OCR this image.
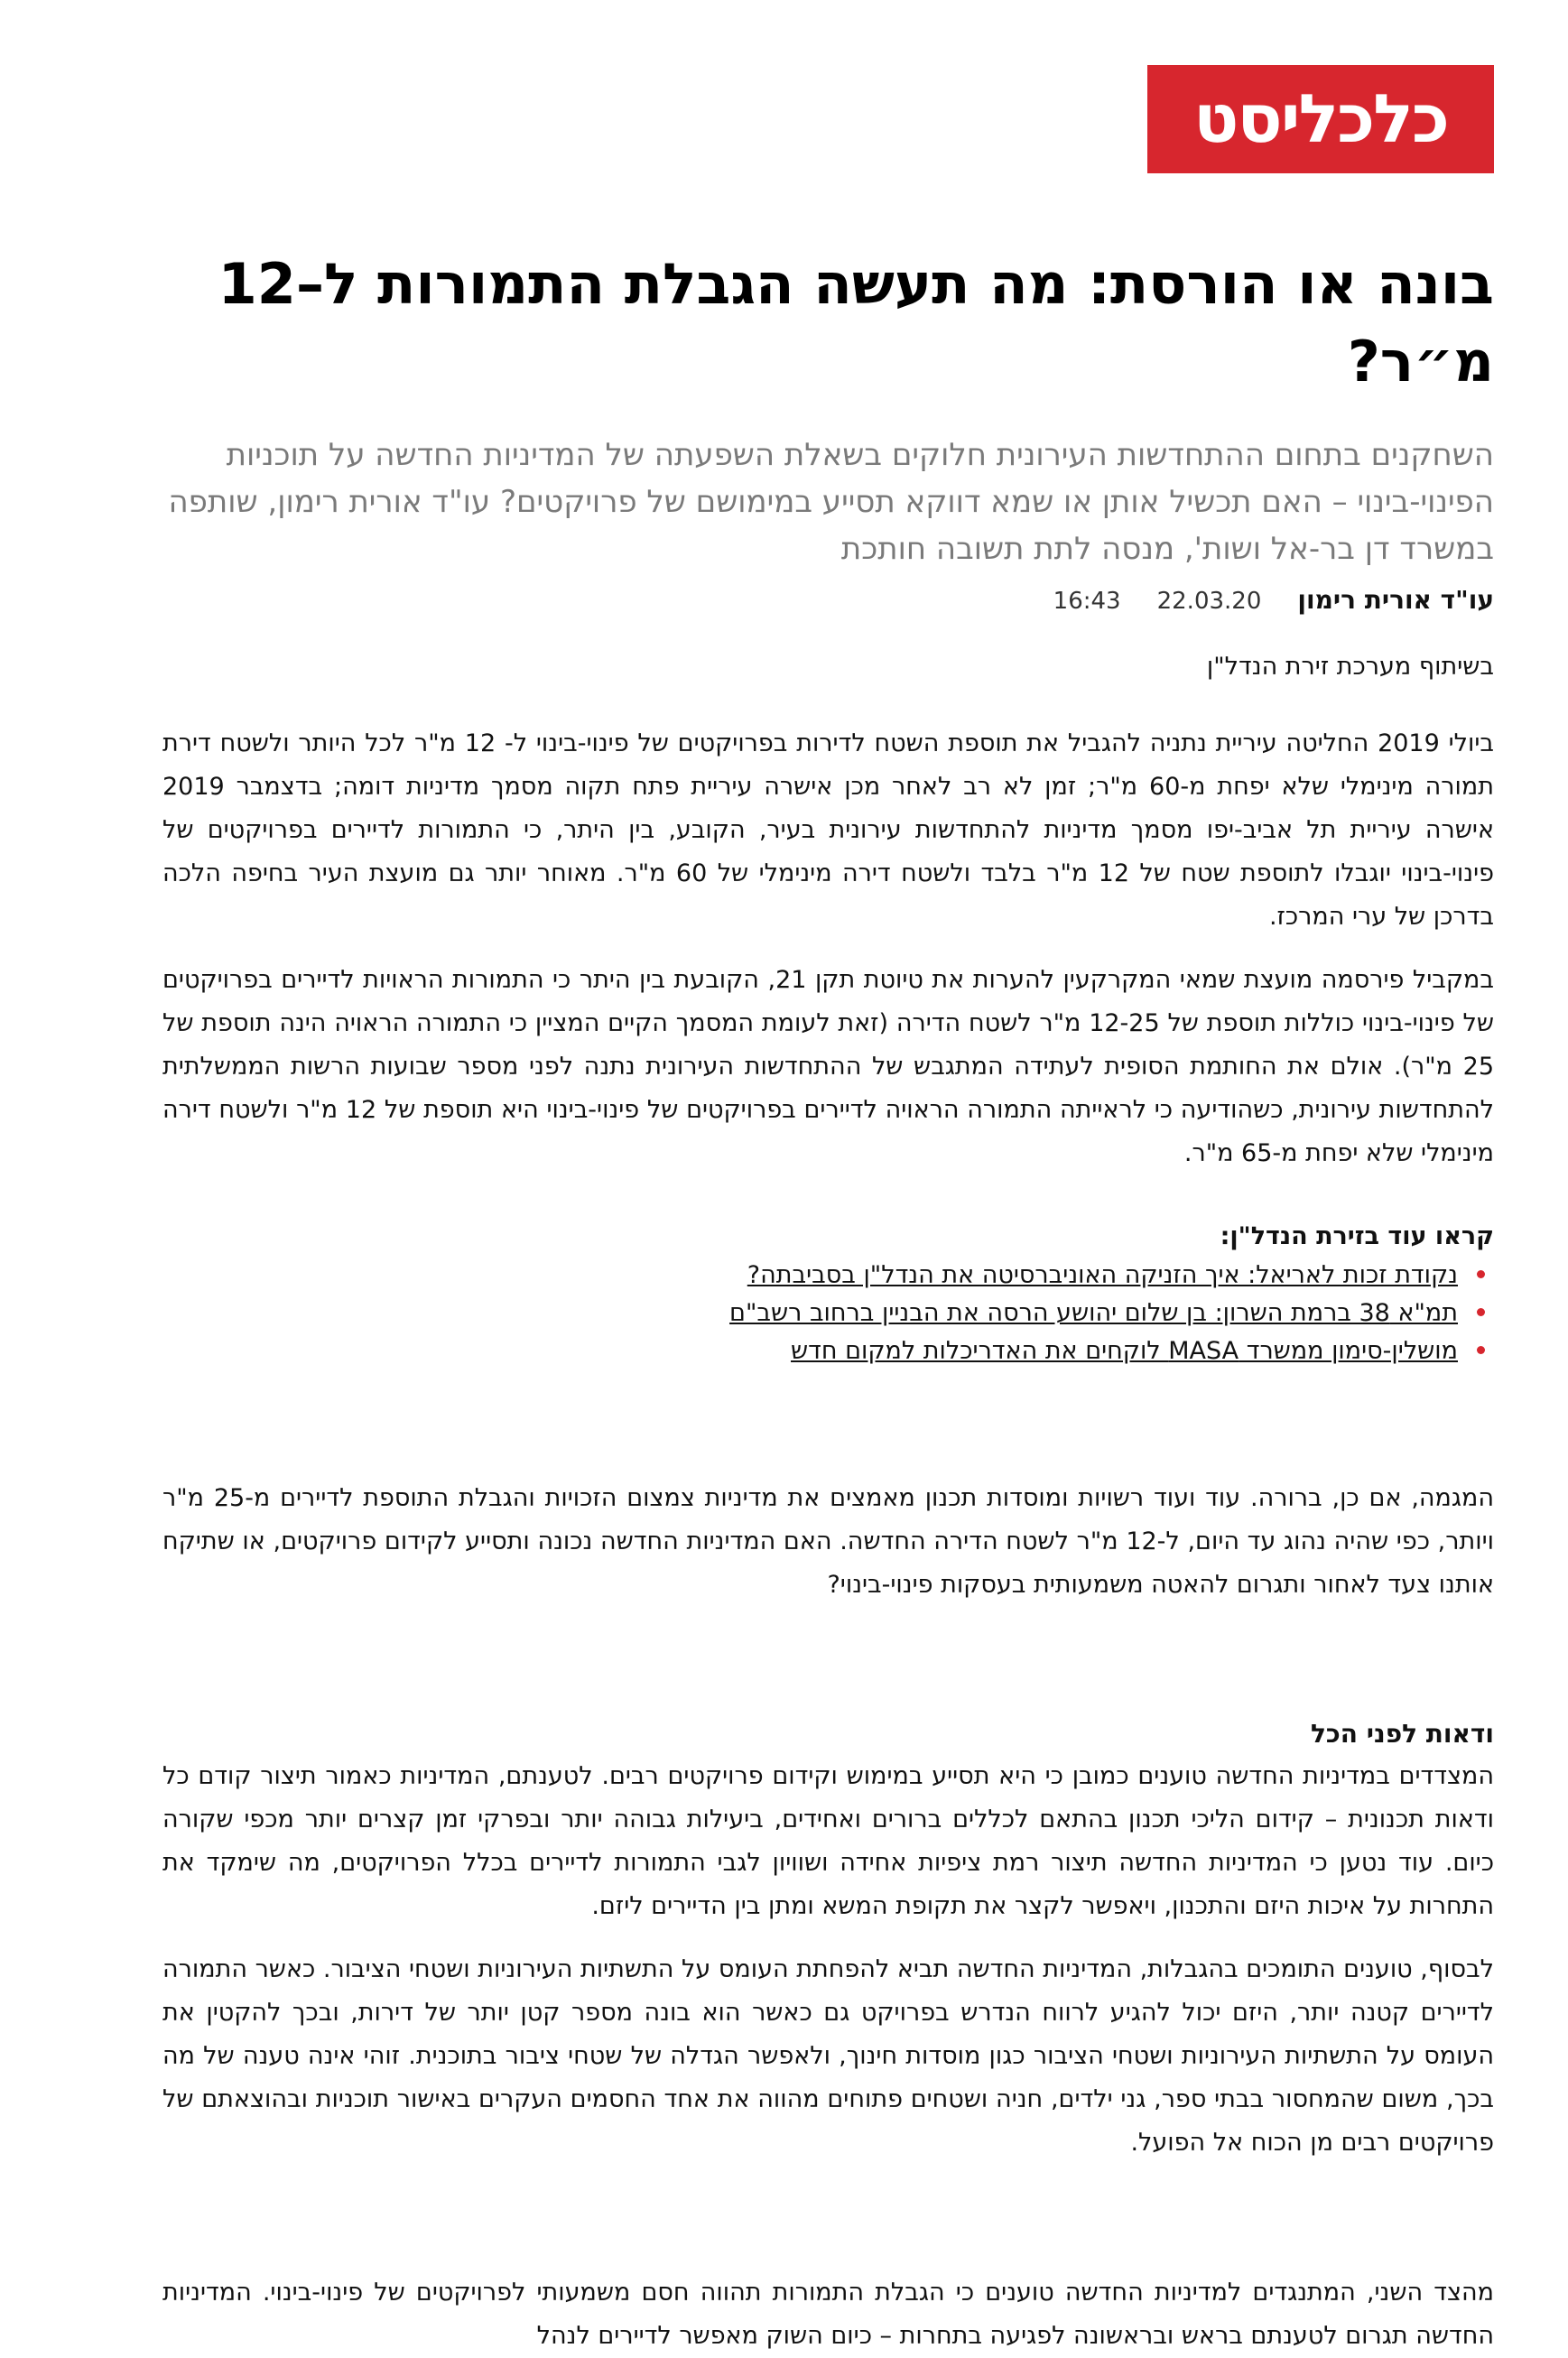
כלכליסט
בונה או הורסת: מה תעשה הגבלת התמורות ל–12 מ״ר?

השחקנים בתחום ההתחדשות העירונית חלוקים בשאלת השפעתה של המדיניות החדשה על תוכניות הפינוי-בינוי – האם תכשיל אותן או שמא דווקא תסייע במימושם של פרויקטים? עו"ד אורית רימון, שותפה במשרד דן בר-אל ושות', מנסה לתת תשובה חותכת

עו"ד אורית רימון
22.03.20
16:43
בשיתוף מערכת זירת הנדל"ן

ביולי 2019 החליטה עיריית נתניה להגביל את תוספת השטח לדירות בפרויקטים של פינוי-בינוי ל- 12 מ"ר לכל היותר ולשטח דירת תמורה מינימלי שלא יפחת מ-60 מ"ר; זמן לא רב לאחר מכן אישרה עיריית פתח תקוה מסמך מדיניות דומה; בדצמבר 2019 אישרה עיריית תל אביב-יפו מסמך מדיניות להתחדשות עירונית בעיר, הקובע, בין היתר, כי התמורות לדיירים בפרויקטים של פינוי-בינוי יוגבלו לתוספת שטח של 12 מ"ר בלבד ולשטח דירה מינימלי של 60 מ"ר. מאוחר יותר גם מועצת העיר בחיפה הלכה בדרכן של ערי המרכז.

במקביל פירסמה מועצת שמאי המקרקעין להערות את טיוטת תקן 21, הקובעת בין היתר כי התמורות הראויות לדיירים בפרויקטים של פינוי-בינוי כוללות תוספת של 12-25 מ"ר לשטח הדירה (זאת לעומת המסמך הקיים המציין כי התמורה הראויה הינה תוספת של 25 מ"ר). אולם את החותמת הסופית לעתידה המתגבש של ההתחדשות העירונית נתנה לפני מספר שבועות הרשות הממשלתית להתחדשות עירונית, כשהודיעה כי לראייתה התמורה הראויה לדיירים בפרויקטים של פינוי-בינוי היא תוספת של 12 מ"ר ולשטח דירה מינימלי שלא יפחת מ-65 מ"ר.

קראו עוד בזירת הנדל"ן:
נקודת זכות לאריאל: איך הזניקה האוניברסיטה את הנדל"ן בסביבתה?
תמ"א 38 ברמת השרון: בן שלום יהושע הרסה את הבניין ברחוב רשב"ם
מושלין-סימון ממשרד MASA לוקחים את האדריכלות למקום חדש

המגמה, אם כן, ברורה. עוד ועוד רשויות ומוסדות תכנון מאמצים את מדיניות צמצום הזכויות והגבלת התוספת לדיירים מ-25 מ"ר ויותר, כפי שהיה נהוג עד היום, ל-12 מ"ר לשטח הדירה החדשה. האם המדיניות החדשה נכונה ותסייע לקידום פרויקטים, או שתיקח אותנו צעד לאחור ותגרום להאטה משמעותית בעסקות פינוי-בינוי?

ודאות לפני הכל

המצדדים במדיניות החדשה טוענים כמובן כי היא תסייע במימוש וקידום פרויקטים רבים. לטענתם, המדיניות כאמור תיצור קודם כל ודאות תכנונית – קידום הליכי תכנון בהתאם לכללים ברורים ואחידים, ביעילות גבוהה יותר ובפרקי זמן קצרים יותר מכפי שקורה כיום. עוד נטען כי המדיניות החדשה תיצור רמת ציפיות אחידה ושוויון לגבי התמורות לדיירים בכלל הפרויקטים, מה שימקד את התחרות על איכות היזם והתכנון, ויאפשר לקצר את תקופת המשא ומתן בין הדיירים ליזם.

לבסוף, טוענים התומכים בהגבלות, המדיניות החדשה תביא להפחתת העומס על התשתיות העירוניות ושטחי הציבור. כאשר התמורה לדיירים קטנה יותר, היזם יכול להגיע לרווח הנדרש בפרויקט גם כאשר הוא בונה מספר קטן יותר של דירות, ובכך להקטין את העומס על התשתיות העירוניות ושטחי הציבור כגון מוסדות חינוך, ולאפשר הגדלה של שטחי ציבור בתוכנית. זוהי אינה טענה של מה בכך, משום שהמחסור בבתי ספר, גני ילדים, חניה ושטחים פתוחים מהווה את אחד החסמים העקרים באישור תוכניות ובהוצאתם של פרויקטים רבים מן הכוח אל הפועל.

מהצד השני, המתנגדים למדיניות החדשה טוענים כי הגבלת התמורות תהווה חסם משמעותי לפרויקטים של פינוי-בינוי. המדיניות החדשה תגרום לטענתם בראש ובראשונה לפגיעה בתחרות – כיום השוק מאפשר לדיירים לנהל
